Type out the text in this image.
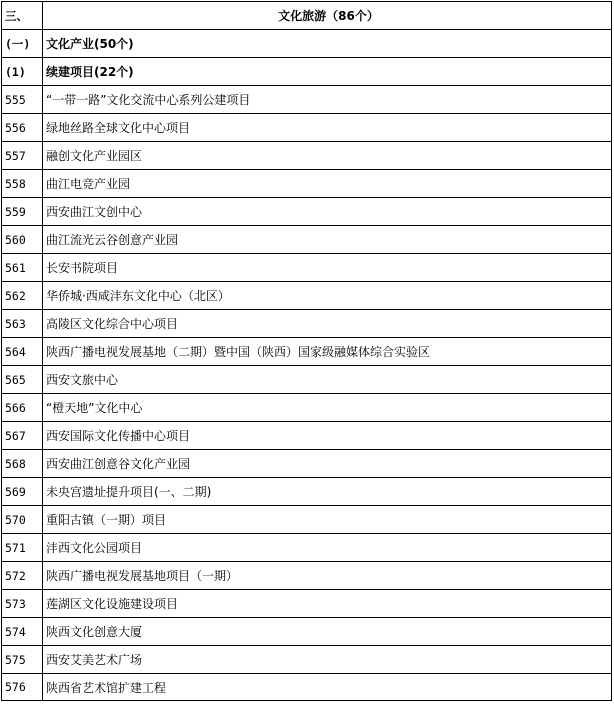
三、	文化旅游（86个）
(一)	文化产业(50个)
(1)	续建项目(22个)
555	“一带一路”文化交流中心系列公建项目
556	绿地丝路全球文化中心项目
557	融创文化产业园区
558	曲江电竞产业园
559	西安曲江文创中心
560	曲江流光云谷创意产业园
561	长安书院项目
562	华侨城·西咸沣东文化中心（北区）
563	高陵区文化综合中心项目
564	陕西广播电视发展基地（二期）暨中国（陕西）国家级融媒体综合实验区
565	西安文旅中心
566	“橙天地”文化中心
567	西安国际文化传播中心项目
568	西安曲江创意谷文化产业园
569	未央宫遗址提升项目(一、二期)
570	重阳古镇（一期）项目
571	沣西文化公园项目
572	陕西广播电视发展基地项目（一期）
573	莲湖区文化设施建设项目
574	陕西文化创意大厦
575	西安艾美艺术广场
576	陕西省艺术馆扩建工程
